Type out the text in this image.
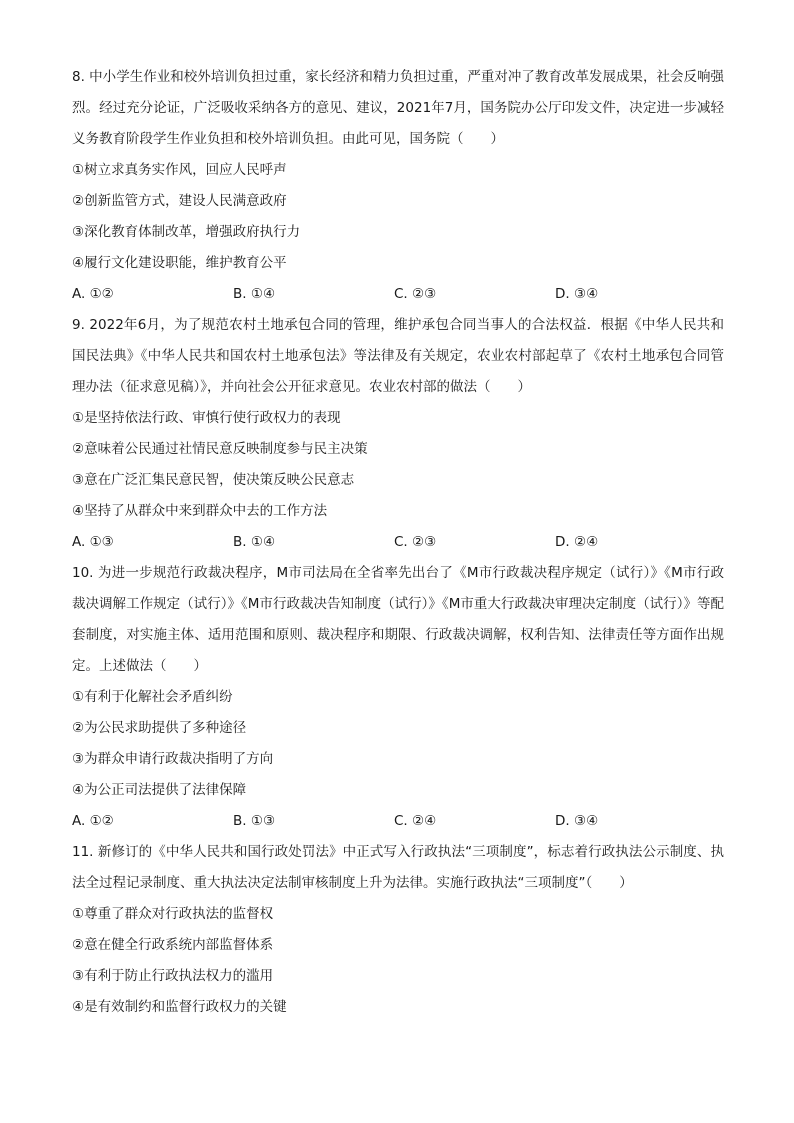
8. 中小学生作业和校外培训负担过重，家长经济和精力负担过重，严重对冲了教育改革发展成果，社会反响强烈。经过充分论证，广泛吸收采纳各方的意见、建议，2021年7月，国务院办公厅印发文件，决定进一步减轻义务教育阶段学生作业负担和校外培训负担。由此可见，国务院（　　）

①树立求真务实作风，回应人民呼声

②创新监管方式，建设人民满意政府

③深化教育体制改革，增强政府执行力

④履行文化建设职能，维护教育公平

A. ①②	B. ①④	C. ②③	D. ③④

9. 2022年6月，为了规范农村土地承包合同的管理，维护承包合同当事人的合法权益．根据《中华人民共和国民法典》《中华人民共和国农村土地承包法》等法律及有关规定，农业农村部起草了《农村土地承包合同管理办法（征求意见稿）》，并向社会公开征求意见。农业农村部的做法（　　）

①是坚持依法行政、审慎行使行政权力的表现

②意味着公民通过社情民意反映制度参与民主决策

③意在广泛汇集民意民智，使决策反映公民意志

④坚持了从群众中来到群众中去的工作方法

A. ①③	B. ①④	C. ②③	D. ②④

10. 为进一步规范行政裁决程序，M市司法局在全省率先出台了《M市行政裁决程序规定（试行）》《M市行政裁决调解工作规定（试行）》《M市行政裁决告知制度（试行）》《M市重大行政裁决审理决定制度（试行）》等配套制度，对实施主体、适用范围和原则、裁决程序和期限、行政裁决调解，权利告知、法律责任等方面作出规定。上述做法（　　）

①有利于化解社会矛盾纠纷

②为公民求助提供了多种途径

③为群众申请行政裁决指明了方向

④为公正司法提供了法律保障

A. ①②	B. ①③	C. ②④	D. ③④

11. 新修订的《中华人民共和国行政处罚法》中正式写入行政执法“三项制度”，标志着行政执法公示制度、执法全过程记录制度、重大执法决定法制审核制度上升为法律。实施行政执法“三项制度”（　　）

①尊重了群众对行政执法的监督权

②意在健全行政系统内部监督体系

③有利于防止行政执法权力的滥用

④是有效制约和监督行政权力的关键
